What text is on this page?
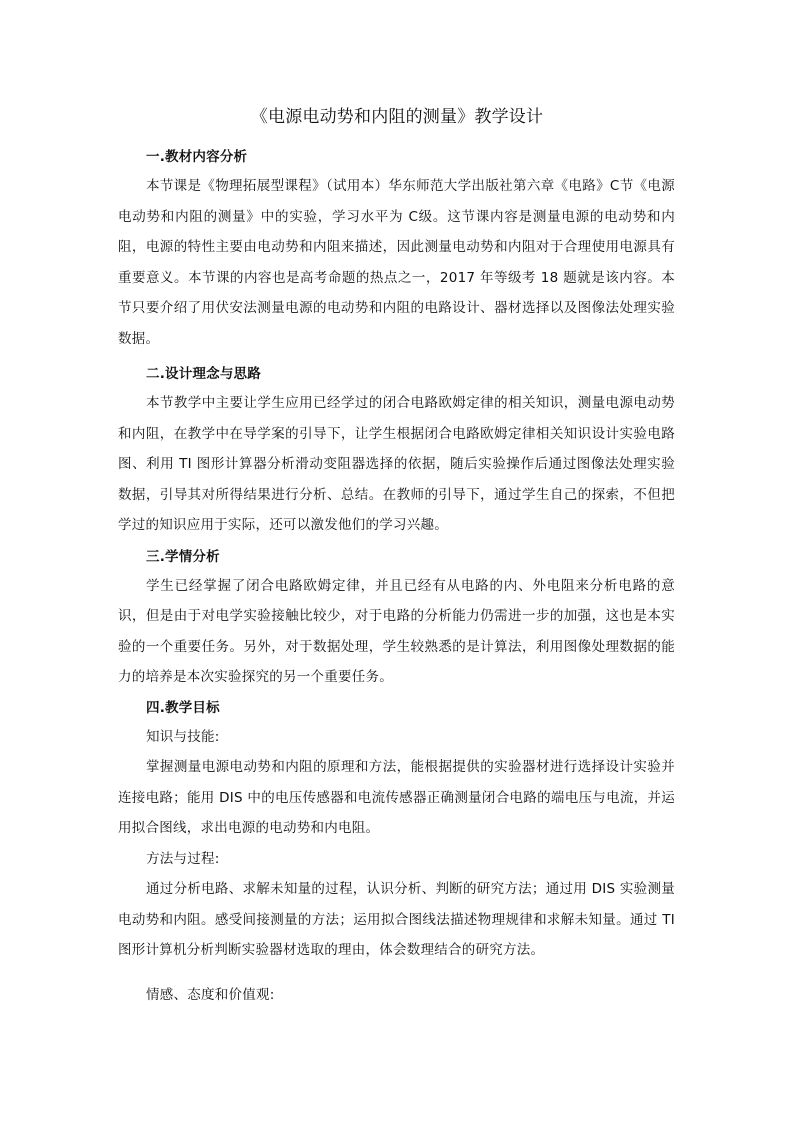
《电源电动势和内阻的测量》教学设计
一.教材内容分析

本节课是《物理拓展型课程》（试用本）华东师范大学出版社第六章《电路》C节《电源电动势和内阻的测量》中的实验，学习水平为 C级。这节课内容是测量电源的电动势和内阻，电源的特性主要由电动势和内阻来描述，因此测量电动势和内阻对于合理使用电源具有重要意义。本节课的内容也是高考命题的热点之一，2017 年等级考 18 题就是该内容。本节只要介绍了用伏安法测量电源的电动势和内阻的电路设计、器材选择以及图像法处理实验数据。

二.设计理念与思路

本节教学中主要让学生应用已经学过的闭合电路欧姆定律的相关知识，测量电源电动势和内阻，在教学中在导学案的引导下，让学生根据闭合电路欧姆定律相关知识设计实验电路图、利用 TI 图形计算器分析滑动变阻器选择的依据，随后实验操作后通过图像法处理实验数据，引导其对所得结果进行分析、总结。在教师的引导下，通过学生自己的探索，不但把学过的知识应用于实际，还可以激发他们的学习兴趣。

三.学情分析

学生已经掌握了闭合电路欧姆定律，并且已经有从电路的内、外电阻来分析电路的意识，但是由于对电学实验接触比较少，对于电路的分析能力仍需进一步的加强，这也是本实验的一个重要任务。另外，对于数据处理，学生较熟悉的是计算法，利用图像处理数据的能力的培养是本次实验探究的另一个重要任务。

四.教学目标
知识与技能:

掌握测量电源电动势和内阻的原理和方法，能根据提供的实验器材进行选择设计实验并连接电路；能用 DIS 中的电压传感器和电流传感器正确测量闭合电路的端电压与电流，并运用拟合图线，求出电源的电动势和内电阻。

方法与过程:

通过分析电路、求解未知量的过程，认识分析、判断的研究方法；通过用 DIS 实验测量电动势和内阻。感受间接测量的方法；运用拟合图线法描述物理规律和求解未知量。通过 TI 图形计算机分析判断实验器材选取的理由，体会数理结合的研究方法。

情感、态度和价值观:
